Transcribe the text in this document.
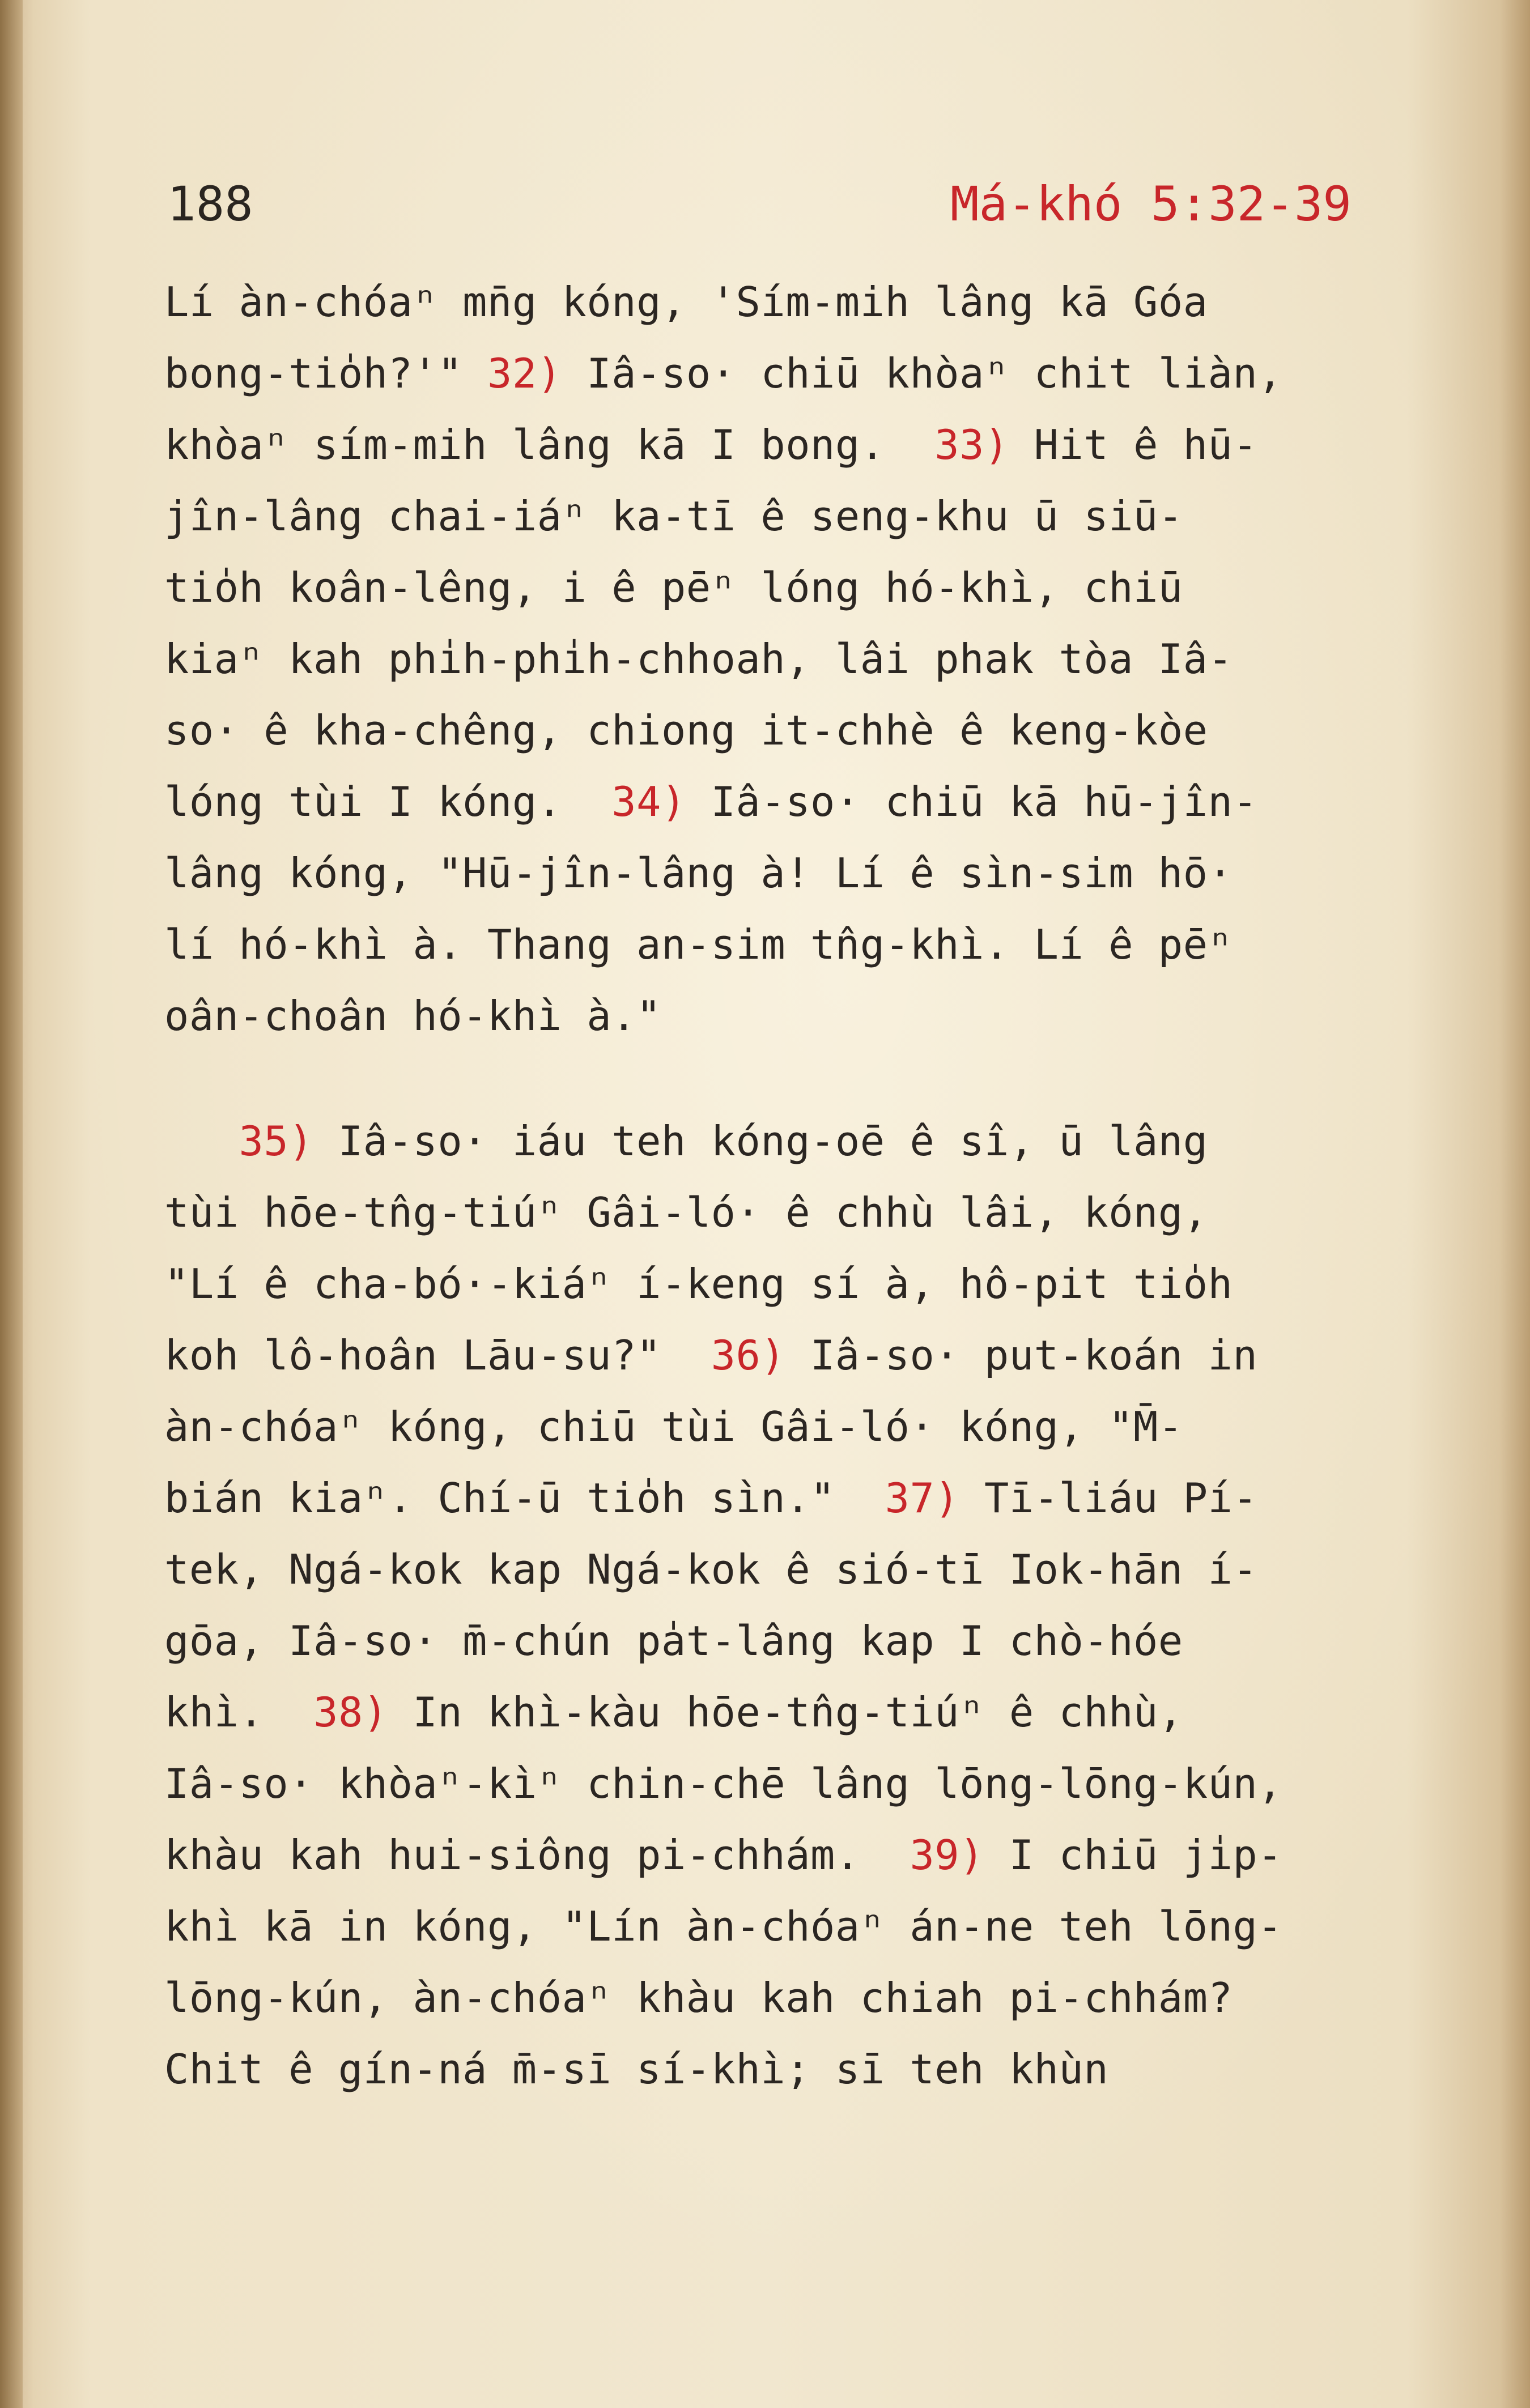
188	Má-khó 5:32-39
Lí àn-chóaⁿ mn̄g kóng, 'Sím-mih lâng kā Góa
bong-tio̍h?'" 32) Iâ-so· chiū khòaⁿ chit liàn,
khòaⁿ sím-mih lâng kā I bong.  33) Hit ê hū-
jîn-lâng chai-iáⁿ ka-tī ê seng-khu ū siū-
tio̍h koân-lêng, i ê pēⁿ lóng hó-khì, chiū
kiaⁿ kah phi̍h-phi̍h-chhoah, lâi phak tòa Iâ-
so· ê kha-chêng, chiong it-chhè ê keng-kòe
lóng tùi I kóng.  34) Iâ-so· chiū kā hū-jîn-
lâng kóng, "Hū-jîn-lâng à! Lí ê sìn-sim hō·
lí hó-khì à. Thang an-sim tn̂g-khì. Lí ê pēⁿ
oân-choân hó-khì à."
35) Iâ-so· iáu teh kóng-oē ê sî, ū lâng
tùi hōe-tn̂g-tiúⁿ Gâi-ló· ê chhù lâi, kóng,
"Lí ê cha-bó·-kiáⁿ í-keng sí à, hô-pit tio̍h
koh lô-hoân Lāu-su?"  36) Iâ-so· put-koán in
àn-chóaⁿ kóng, chiū tùi Gâi-ló· kóng, "M̄-
bián kiaⁿ. Chí-ū tio̍h sìn."  37) Tī-liáu Pí-
tek, Ngá-kok kap Ngá-kok ê sió-tī Iok-hān í-
gōa, Iâ-so· m̄-chún pa̍t-lâng kap I chò-hóe
khì.  38) In khì-kàu hōe-tn̂g-tiúⁿ ê chhù,
Iâ-so· khòaⁿ-kìⁿ chin-chē lâng lōng-lōng-kún,
khàu kah hui-siông pi-chhám.  39) I chiū ji̍p-
khì kā in kóng, "Lín àn-chóaⁿ án-ne teh lōng-
lōng-kún, àn-chóaⁿ khàu kah chiah pi-chhám?
Chit ê gín-ná m̄-sī sí-khì; sī teh khùn
